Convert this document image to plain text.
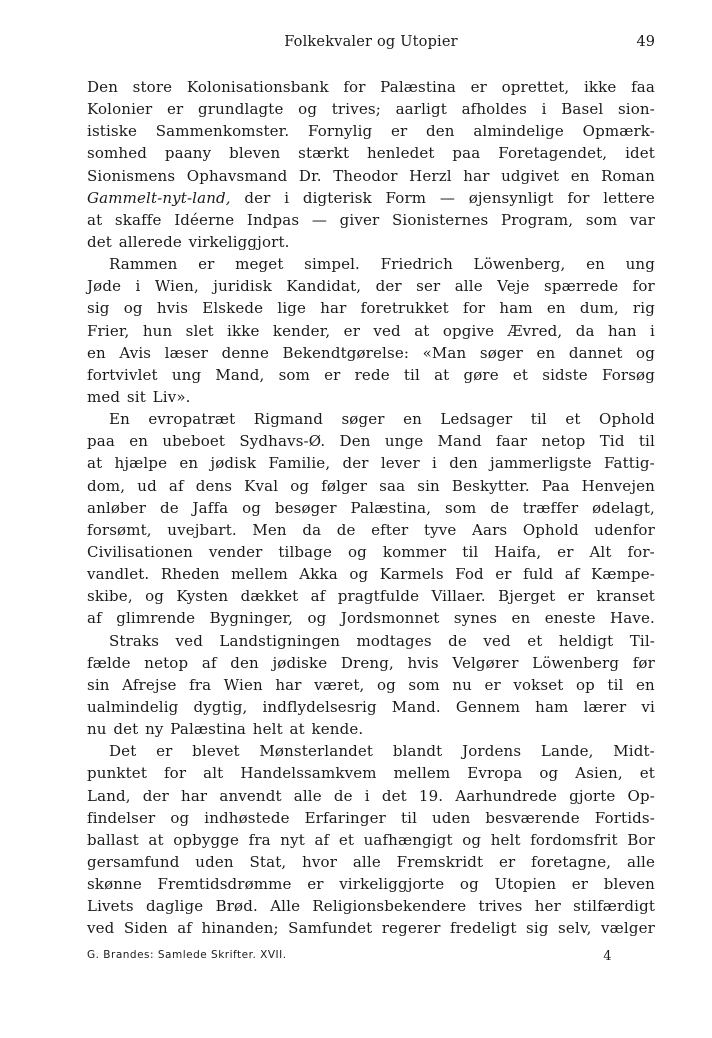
Folkekvaler og Utopier	49
Den store Kolonisationsbank for Palæstina er oprettet, ikke faa
Kolonier er grundlagte og trives; aarligt afholdes i Basel sion-
istiske Sammenkomster. Fornylig er den almindelige Opmærk-
somhed paany bleven stærkt henledet paa Foretagendet, idet
Sionismens Ophavsmand Dr. Theodor Herzl har udgivet en Roman
Gammelt-nyt-land, der i digterisk Form — øjensynligt for lettere
at skaffe Idéerne Indpas — giver Sionisternes Program, som var
det allerede virkeliggjort.
Rammen er meget simpel. Friedrich Löwenberg, en ung
Jøde i Wien, juridisk Kandidat, der ser alle Veje spærrede for
sig og hvis Elskede lige har foretrukket for ham en dum, rig
Frier, hun slet ikke kender, er ved at opgive Ævred, da han i
en Avis læser denne Bekendtgørelse: «Man søger en dannet og
fortvivlet ung Mand, som er rede til at gøre et sidste Forsøg
med sit Liv».
En evropatræt Rigmand søger en Ledsager til et Ophold
paa en ubeboet Sydhavs-Ø. Den unge Mand faar netop Tid til
at hjælpe en jødisk Familie, der lever i den jammerligste Fattig-
dom, ud af dens Kval og følger saa sin Beskytter. Paa Henvejen
anløber de Jaffa og besøger Palæstina, som de træffer ødelagt,
forsømt, uvejbart. Men da de efter tyve Aars Ophold udenfor
Civilisationen vender tilbage og kommer til Haifa, er Alt for-
vandlet. Rheden mellem Akka og Karmels Fod er fuld af Kæmpe-
skibe, og Kysten dækket af pragtfulde Villaer. Bjerget er kranset
af glimrende Bygninger, og Jordsmonnet synes en eneste Have.
Straks ved Landstigningen modtages de ved et heldigt Til-
fælde netop af den jødiske Dreng, hvis Velgører Löwenberg før
sin Afrejse fra Wien har været, og som nu er vokset op til en
ualmindelig dygtig, indflydelsesrig Mand. Gennem ham lærer vi
nu det ny Palæstina helt at kende.
Det er blevet Mønsterlandet blandt Jordens Lande, Midt-
punktet for alt Handelssamkvem mellem Evropa og Asien, et
Land, der har anvendt alle de i det 19. Aarhundrede gjorte Op-
findelser og indhøstede Erfaringer til uden besværende Fortids-
ballast at opbygge fra nyt af et uafhængigt og helt fordomsfrit Bor
gersamfund uden Stat, hvor alle Fremskridt er foretagne, alle
skønne Fremtidsdrømme er virkeliggjorte og Utopien er bleven
Livets daglige Brød. Alle Religionsbekendere trives her stilfærdigt
ved Siden af hinanden; Samfundet regerer fredeligt sig selv, vælger
G. Brandes: Samlede Skrifter. XVII.	4
